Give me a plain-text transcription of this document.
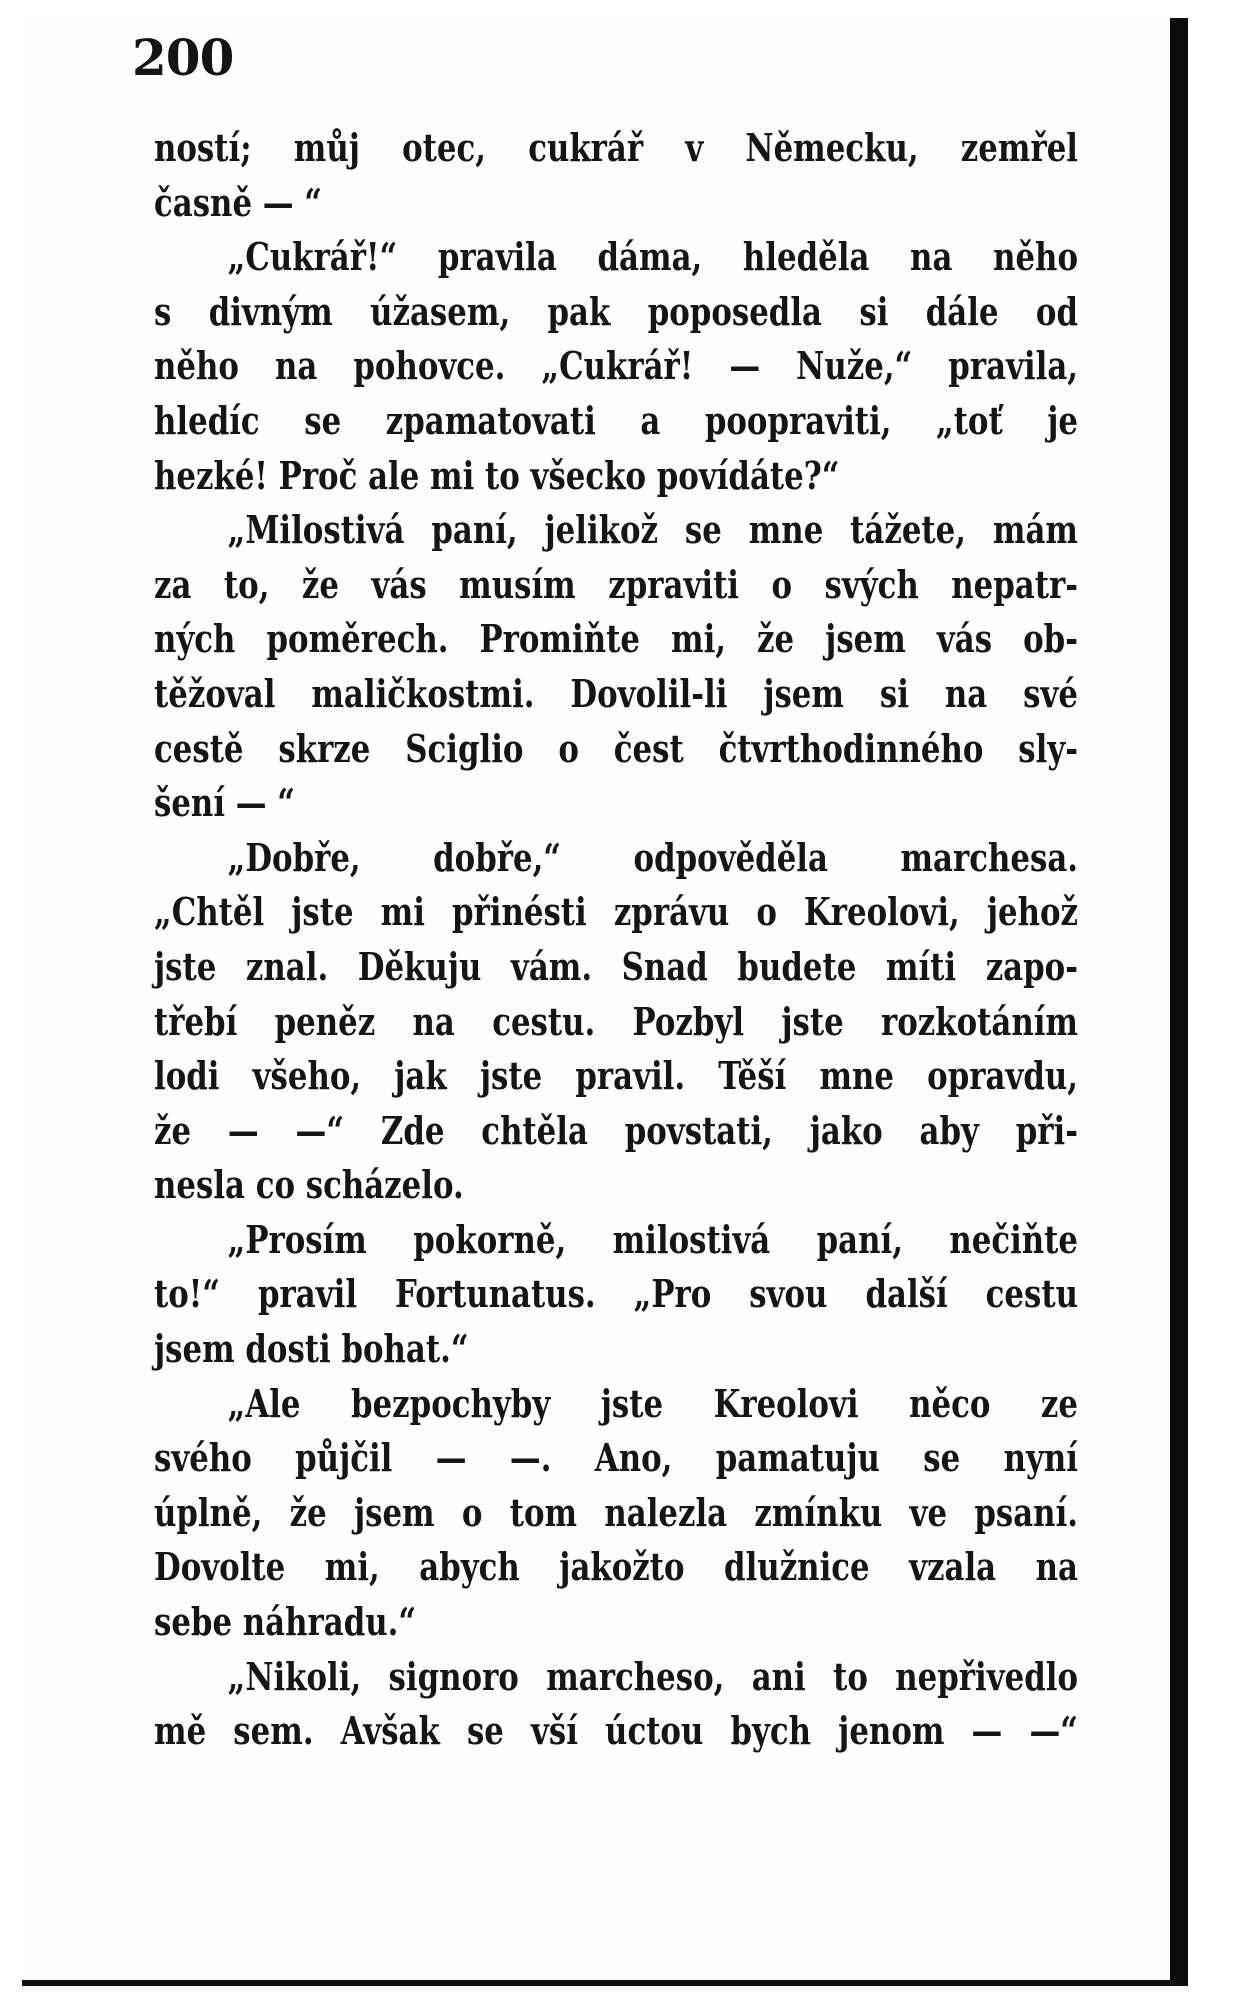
200
ností; můj otec, cukrář v Německu, zemřel
časně — “
„Cukrář!“ pravila dáma, hleděla na něho
s divným úžasem, pak poposedla si dále od
něho na pohovce. „Cukrář! — Nuže,“ pravila,
hledíc se zpamatovati a poopraviti, „toť je
hezké! Proč ale mi to všecko povídáte?“
„Milostivá paní, jelikož se mne tážete, mám
za to, že vás musím zpraviti o svých nepatr-
ných poměrech. Promiňte mi, že jsem vás ob-
těžoval maličkostmi. Dovolil-li jsem si na své
cestě skrze Sciglio o čest čtvrthodinného sly-
šení — “
„Dobře, dobře,“ odpověděla marchesa.
„Chtěl jste mi přinésti zprávu o Kreolovi, jehož
jste znal. Děkuju vám. Snad budete míti zapo-
třebí peněz na cestu. Pozbyl jste rozkotáním
lodi všeho, jak jste pravil. Těší mne opravdu,
že — —“ Zde chtěla povstati, jako aby při-
nesla co scházelo.
„Prosím pokorně, milostivá paní, nečiňte
to!“ pravil Fortunatus. „Pro svou další cestu
jsem dosti bohat.“
„Ale bezpochyby jste Kreolovi něco ze
svého půjčil — —. Ano, pamatuju se nyní
úplně, že jsem o tom nalezla zmínku ve psaní.
Dovolte mi, abych jakožto dlužnice vzala na
sebe náhradu.“
„Nikoli, signoro marcheso, ani to nepřivedlo
mě sem. Avšak se vší úctou bych jenom — —“
